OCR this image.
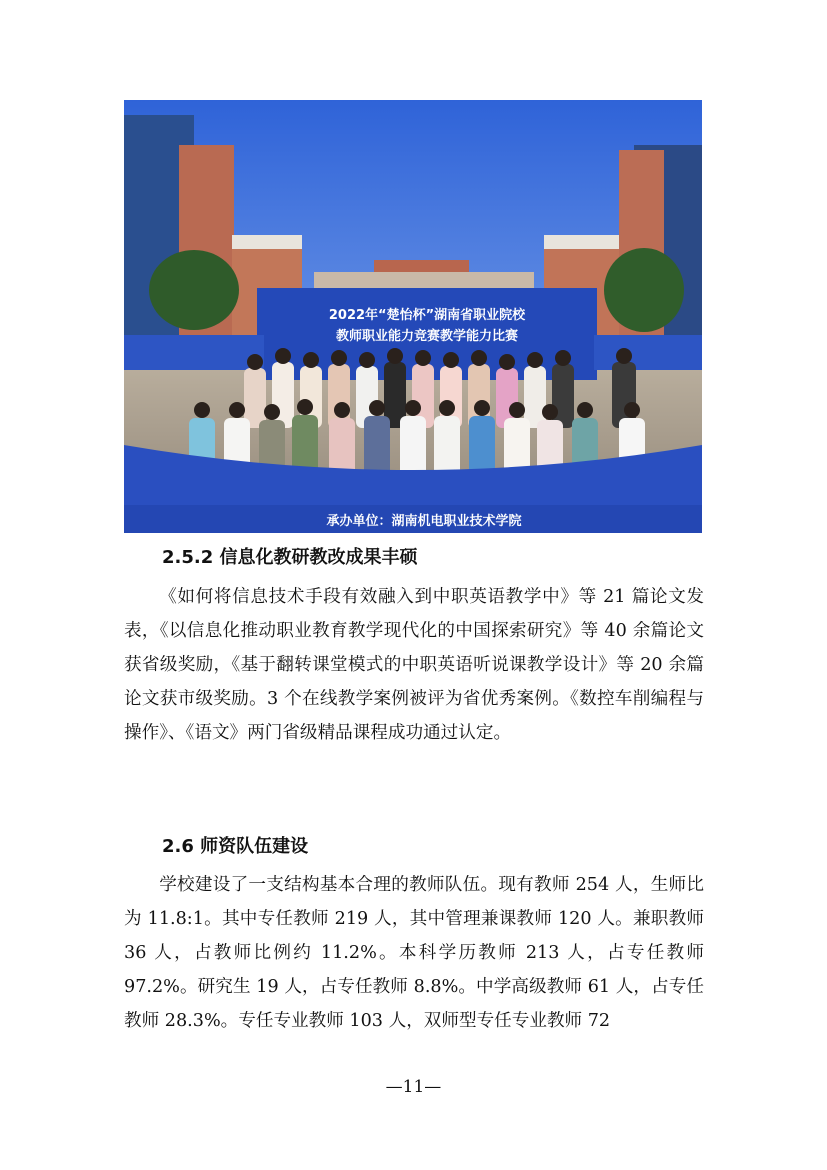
2022年“楚怡杯”湖南省职业院校
教师职业能力竞赛教学能力比赛
承办单位：湖南机电职业技术学院
2.5.2 信息化教研教改成果丰硕

《如何将信息技术手段有效融入到中职英语教学中》等 21 篇论文发表，《以信息化推动职业教育教学现代化的中国探索研究》等 40 余篇论文获省级奖励，《基于翻转课堂模式的中职英语听说课教学设计》等 20 余篇论文获市级奖励。3 个在线教学案例被评为省优秀案例。《数控车削编程与操作》、《语文》两门省级精品课程成功通过认定。

2.6 师资队伍建设

学校建设了一支结构基本合理的教师队伍。现有教师 254 人，生师比为 11.8:1。其中专任教师 219 人，其中管理兼课教师 120 人。兼职教师 36 人，占教师比例约 11.2%。本科学历教师 213 人，占专任教师 97.2%。研究生 19 人，占专任教师 8.8%。中学高级教师 61 人，占专任教师 28.3%。专任专业教师 103 人，双师型专任专业教师 72

—11—
